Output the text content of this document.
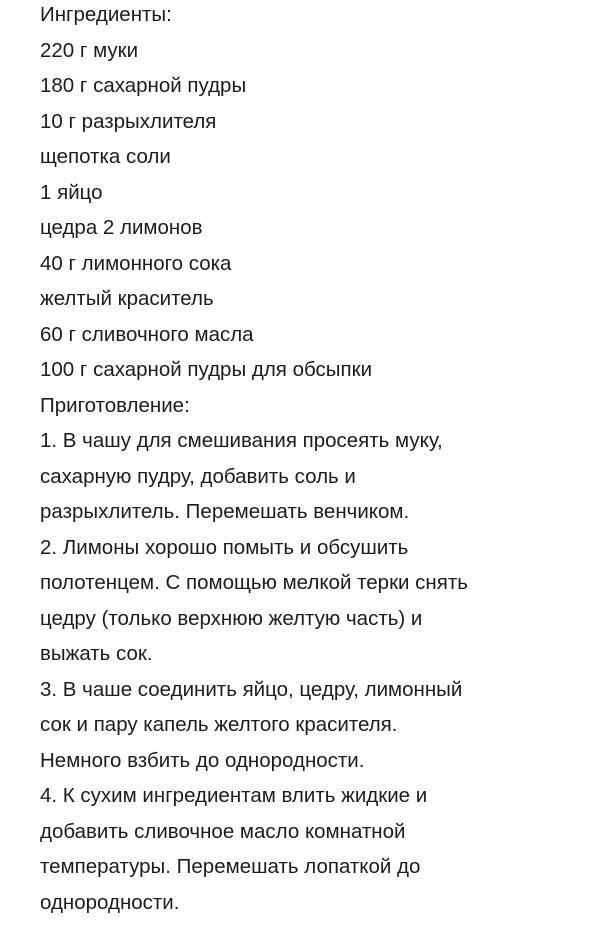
Ингредиенты:
220 г муки
180 г сахарной пудры
10 г разрыхлителя
щепотка соли
1 яйцо
цедра 2 лимонов
40 г лимонного сока
желтый краситель
60 г сливочного масла
100 г сахарной пудры для обсыпки
Приготовление:
1. В чашу для смешивания просеять муку,
сахарную пудру, добавить соль и
разрыхлитель. Перемешать венчиком.
2. Лимоны хорошо помыть и обсушить
полотенцем. С помощью мелкой терки снять
цедру (только верхнюю желтую часть) и
выжать сок.
3. В чаше соединить яйцо, цедру, лимонный
сок и пару капель желтого красителя.
Немного взбить до однородности.
4. К сухим ингредиентам влить жидкие и
добавить сливочное масло комнатной
температуры. Перемешать лопаткой до
однородности.
